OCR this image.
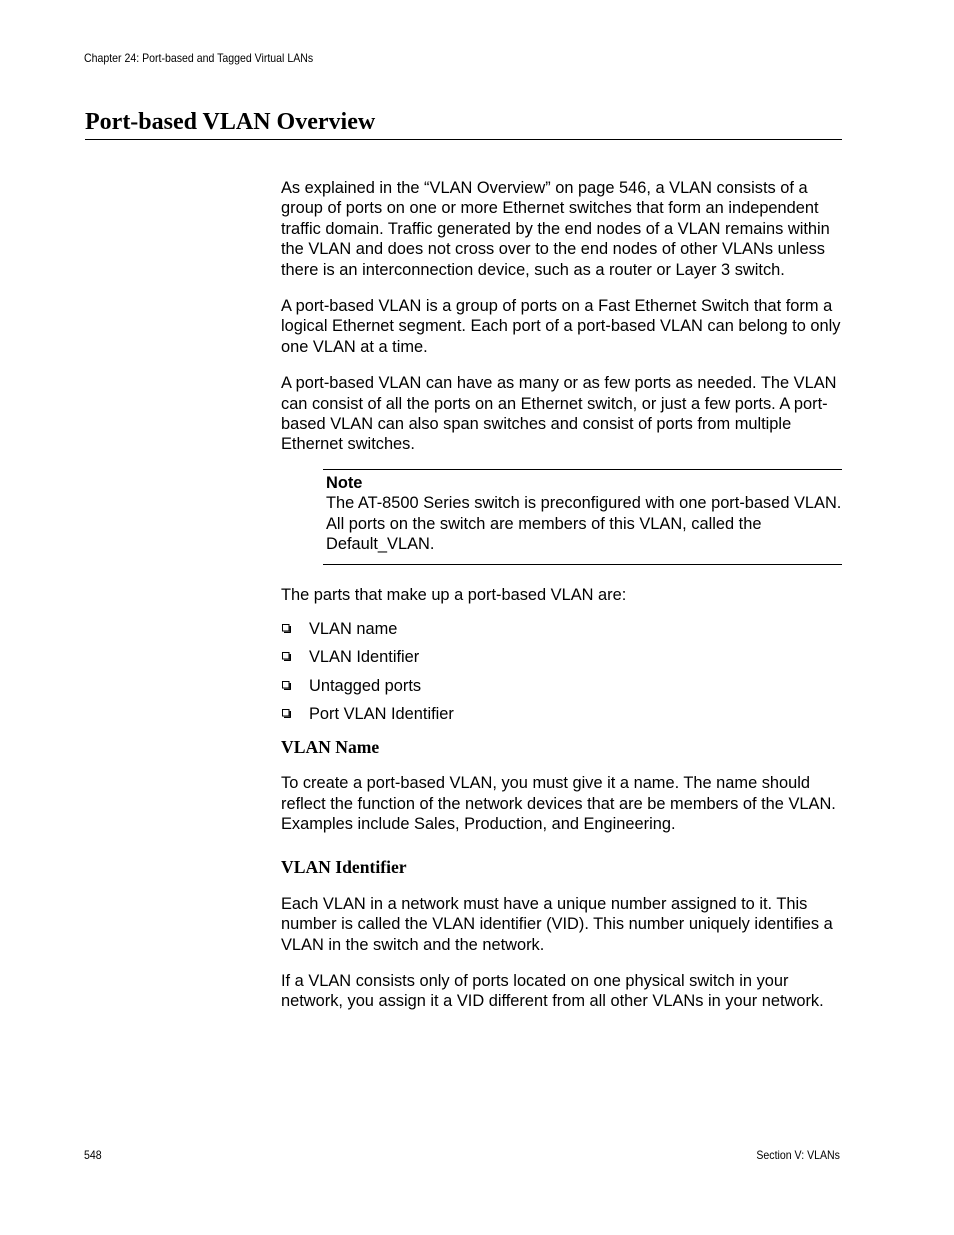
Chapter 24: Port-based and Tagged Virtual LANs
Port-based VLAN Overview

As explained in the “VLAN Overview” on page 546, a VLAN consists of a group of ports on one or more Ethernet switches that form an independent traffic domain. Traffic generated by the end nodes of a VLAN remains within the VLAN and does not cross over to the end nodes of other VLANs unless there is an interconnection device, such as a router or Layer 3 switch.

A port-based VLAN is a group of ports on a Fast Ethernet Switch that form a logical Ethernet segment. Each port of a port-based VLAN can belong to only one VLAN at a time.

A port-based VLAN can have as many or as few ports as needed. The VLAN can consist of all the ports on an Ethernet switch, or just a few ports. A port-based VLAN can also span switches and consist of ports from multiple Ethernet switches.

Note
The AT-8500 Series switch is preconfigured with one port-based VLAN. All ports on the switch are members of this VLAN, called the Default_VLAN.

The parts that make up a port-based VLAN are:

VLAN name
VLAN Identifier
Untagged ports
Port VLAN Identifier
VLAN Name

To create a port-based VLAN, you must give it a name. The name should reflect the function of the network devices that are be members of the VLAN. Examples include Sales, Production, and Engineering.

VLAN Identifier

Each VLAN in a network must have a unique number assigned to it. This number is called the VLAN identifier (VID). This number uniquely identifies a VLAN in the switch and the network.

If a VLAN consists only of ports located on one physical switch in your network, you assign it a VID different from all other VLANs in your network.

548	Section V: VLANs
